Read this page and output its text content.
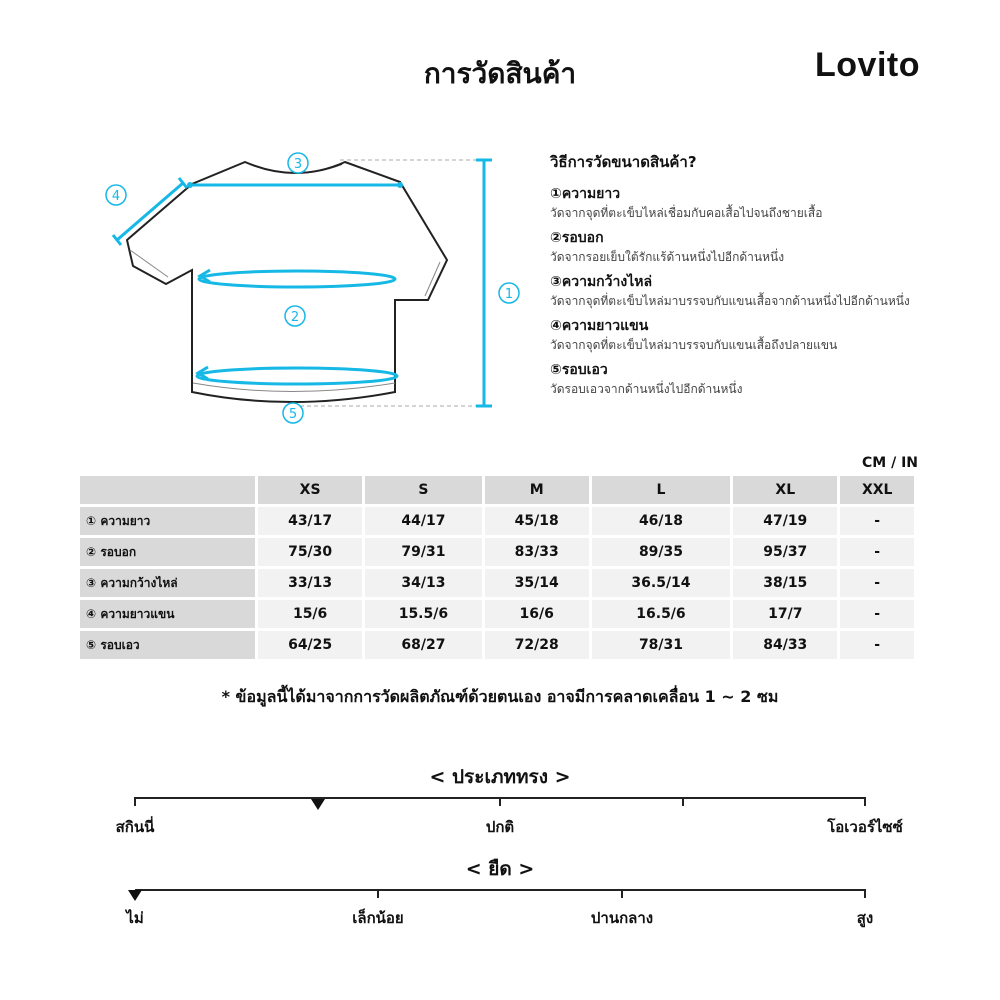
การวัดสินค้า	Lovito
1
2
3
4
5
วิธีการวัดขนาดสินค้า?
①ความยาว
วัดจากจุดที่ตะเข็บไหล่เชื่อมกับคอเสื้อไปจนถึงชายเสื้อ
②รอบอก
วัดจากรอยเย็บใต้รักแร้ด้านหนึ่งไปอีกด้านหนึ่ง
③ความกว้างไหล่
วัดจากจุดที่ตะเข็บไหล่มาบรรจบกับแขนเสื้อจากด้านหนึ่งไปอีกด้านหนึ่ง
④ความยาวแขน
วัดจากจุดที่ตะเข็บไหล่มาบรรจบกับแขนเสื้อถึงปลายแขน
⑤รอบเอว
วัดรอบเอวจากด้านหนึ่งไปอีกด้านหนึ่ง
CM / IN
	XS	S	M	L	XL	XXL
① ความยาว	43/17	44/17	45/18	46/18	47/19	-
② รอบอก	75/30	79/31	83/33	89/35	95/37	-
③ ความกว้างไหล่	33/13	34/13	35/14	36.5/14	38/15	-
④ ความยาวแขน	15/6	15.5/6	16/6	16.5/6	17/7	-
⑤ รอบเอว	64/25	68/27	72/28	78/31	84/33	-
* ข้อมูลนี้ได้มาจากการวัดผลิตภัณฑ์ด้วยตนเอง อาจมีการคลาดเคลื่อน 1 ~ 2 ซม
< ประเภททรง >
สกินนี่	ปกติ	โอเวอร์ไซซ์
< ยืด >
ไม่	เล็กน้อย	ปานกลาง	สูง
